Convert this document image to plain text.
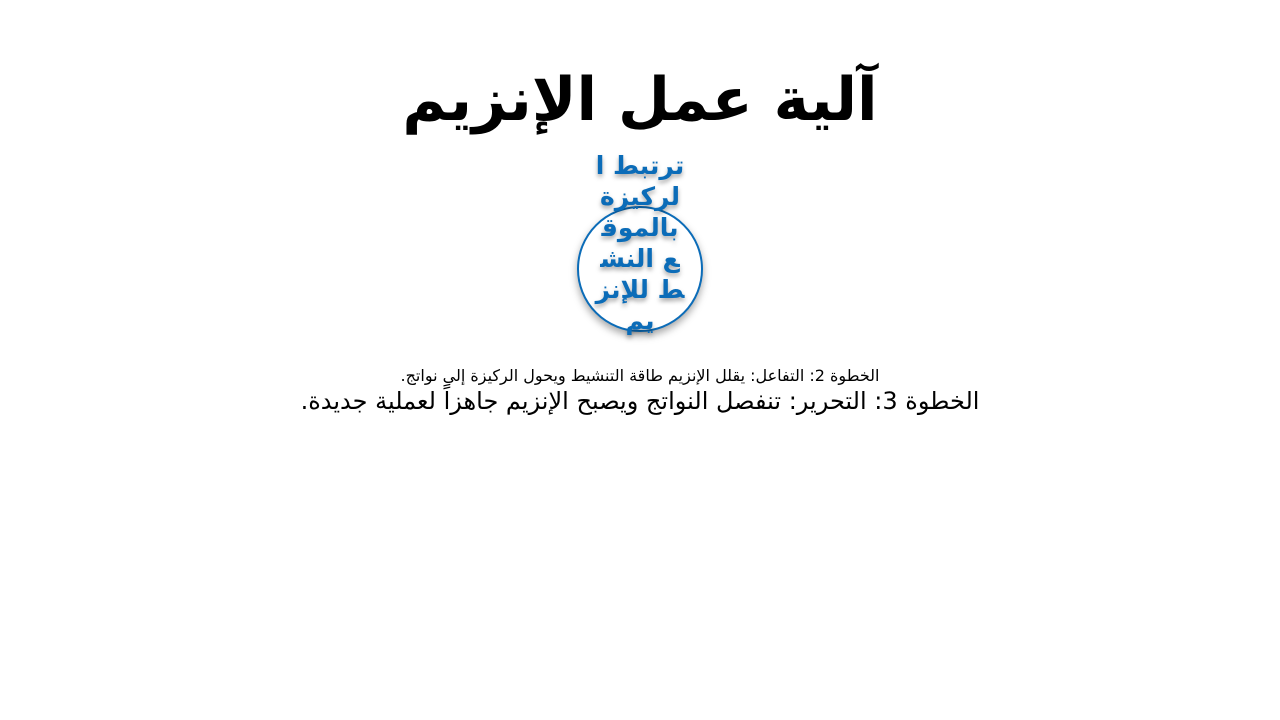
آلية عمل الإنزيم
ترتبط الركيزة بالموقع النشط للإنزيم
الخطوة 2: التفاعل: يقلل الإنزيم طاقة التنشيط ويحول الركيزة إلى نواتج.
الخطوة 3: التحرير: تنفصل النواتج ويصبح الإنزيم جاهزاً لعملية جديدة.
